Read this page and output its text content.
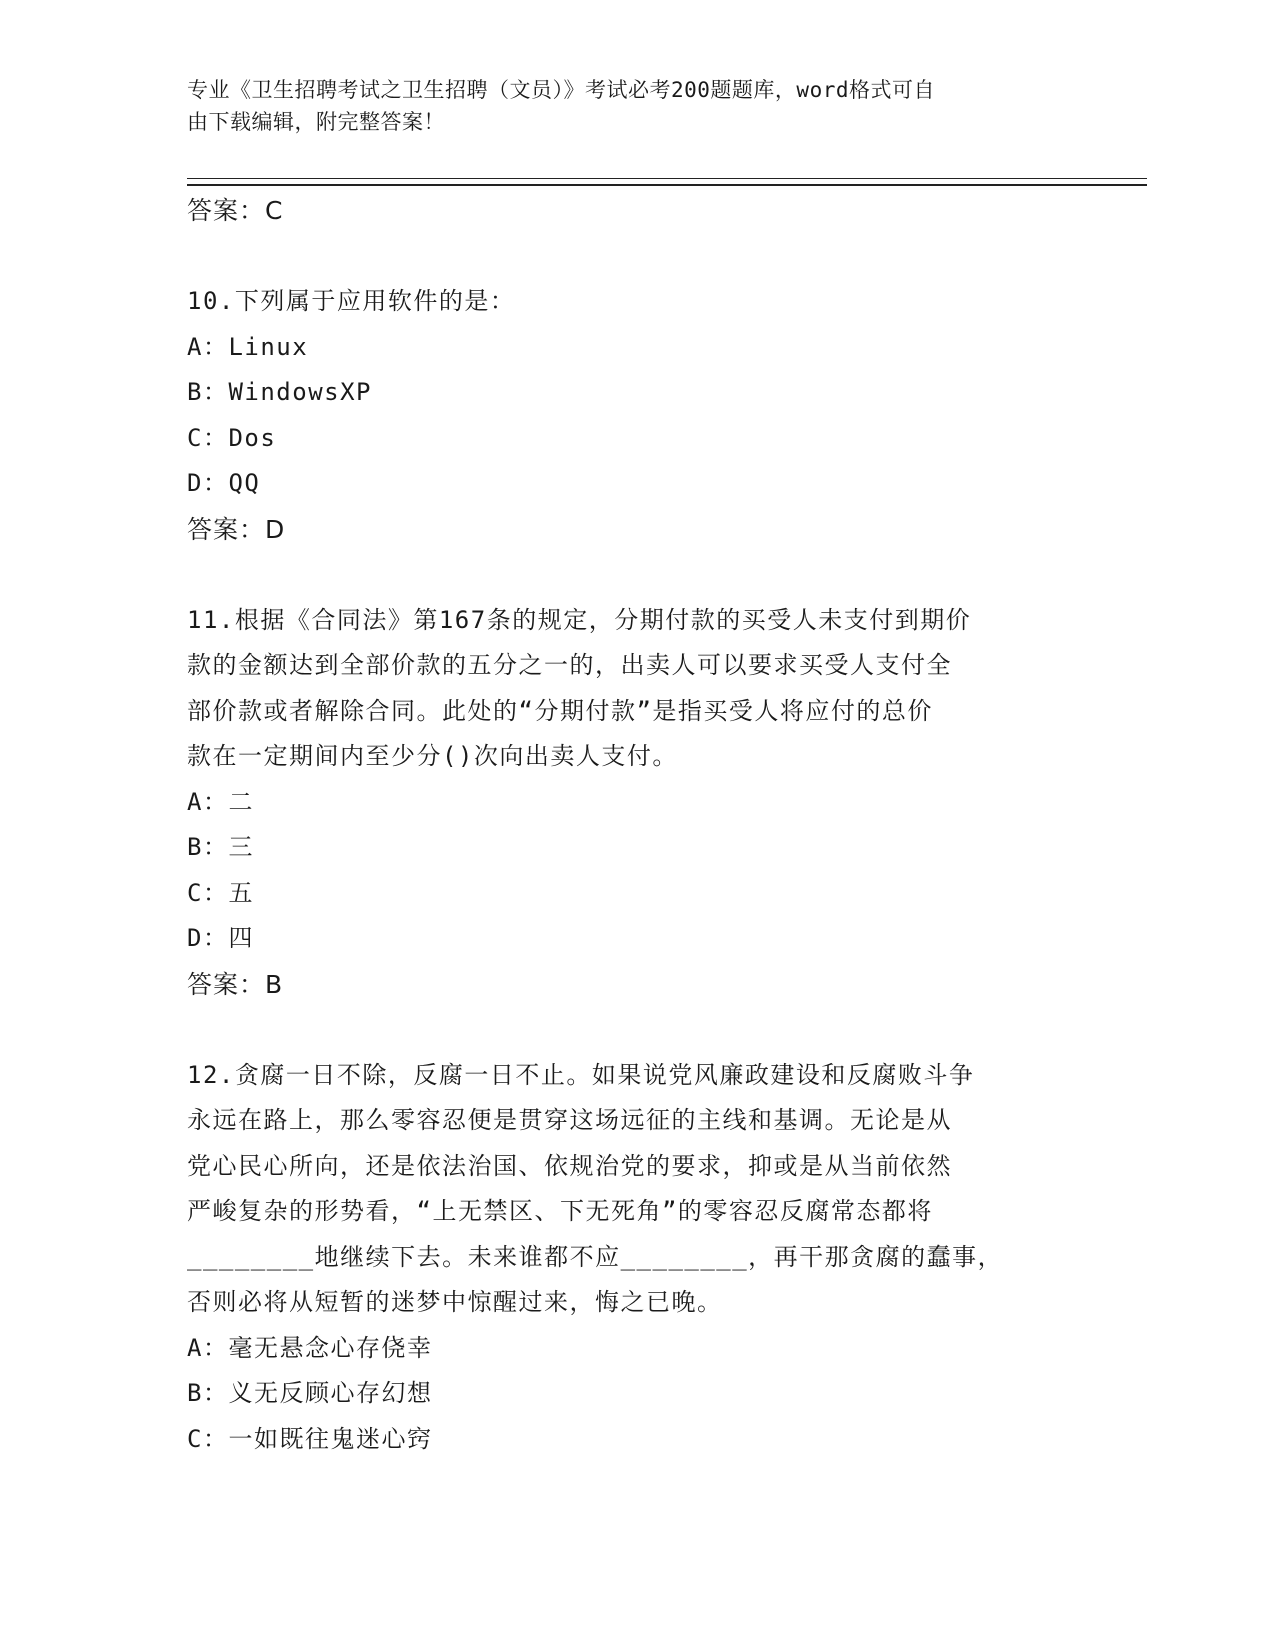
专业《卫生招聘考试之卫生招聘（文员）》考试必考200题题库，word格式可自
由下载编辑，附完整答案！
答案：C
10.下列属于应用软件的是：
A：Linux
B：WindowsXP
C：Dos
D：QQ
答案：D
11.根据《合同法》第167条的规定，分期付款的买受人未支付到期价
款的金额达到全部价款的五分之一的，出卖人可以要求买受人支付全
部价款或者解除合同。此处的“分期付款”是指买受人将应付的总价
款在一定期间内至少分()次向出卖人支付。
A：二
B：三
C：五
D：四
答案：B
12.贪腐一日不除，反腐一日不止。如果说党风廉政建设和反腐败斗争
永远在路上，那么零容忍便是贯穿这场远征的主线和基调。无论是从
党心民心所向，还是依法治国、依规治党的要求，抑或是从当前依然
严峻复杂的形势看，“上无禁区、下无死角”的零容忍反腐常态都将
________地继续下去。未来谁都不应________，再干那贪腐的蠢事，
否则必将从短暂的迷梦中惊醒过来，悔之已晚。
A：毫无悬念心存侥幸
B：义无反顾心存幻想
C：一如既往鬼迷心窍
